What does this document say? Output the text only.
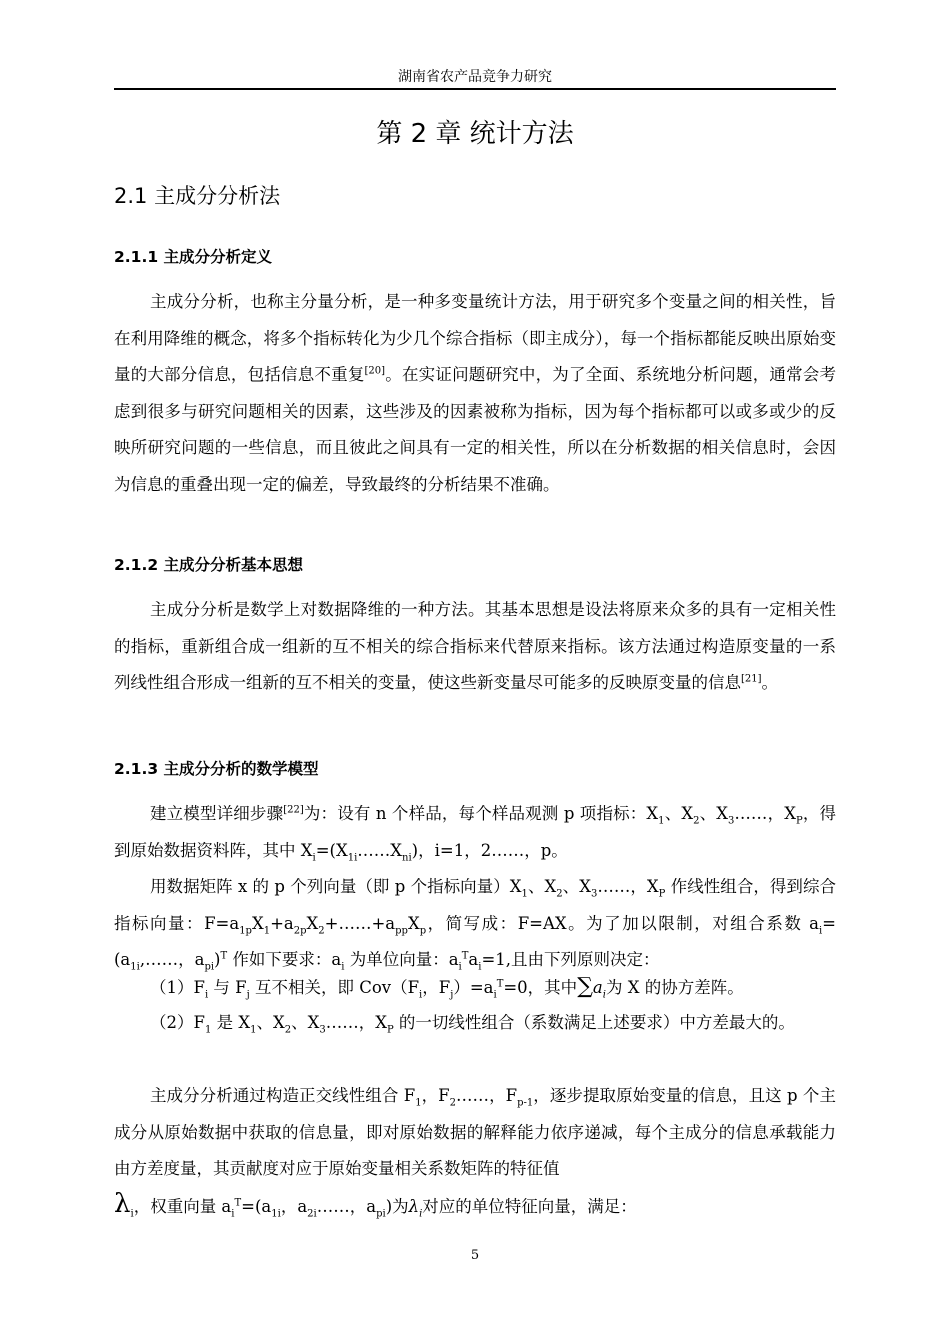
湖南省农产品竞争力研究
第 2 章 统计方法
2.1 主成分分析法
2.1.1 主成分分析定义

主成分分析，也称主分量分析，是一种多变量统计方法，用于研究多个变量之间的相关性，旨在利用降维的概念，将多个指标转化为少几个综合指标（即主成分），每一个指标都能反映出原始变量的大部分信息，包括信息不重复[20]。在实证问题研究中，为了全面、系统地分析问题，通常会考虑到很多与研究问题相关的因素，这些涉及的因素被称为指标，因为每个指标都可以或多或少的反映所研究问题的一些信息，而且彼此之间具有一定的相关性，所以在分析数据的相关信息时，会因为信息的重叠出现一定的偏差，导致最终的分析结果不准确。

2.1.2 主成分分析基本思想

主成分分析是数学上对数据降维的一种方法。其基本思想是设法将原来众多的具有一定相关性的指标，重新组合成一组新的互不相关的综合指标来代替原来指标。该方法通过构造原变量的一系列线性组合形成一组新的互不相关的变量，使这些新变量尽可能多的反映原变量的信息[21]。

2.1.3 主成分分析的数学模型

建立模型详细步骤[22]为：设有 n 个样品，每个样品观测 p 项指标：$X_1$、$X_2$、$X_3\dots\dots$，$X_P$，得到原始数据资料阵，其中 $X_i=(X_{1i}\dots\dots X_{ni})$，i=1，2……，p。

用数据矩阵 x 的 p 个列向量（即 p 个指标向量）$X_1$、$X_2$、$X_3\dots\dots$，$X_P$ 作线性组合，得到综合指标向量：$F=a_{1p}X_1+a_{2p}X_2+\dots\dots+a_{pp}X_p$，简写成：F=AX。为了加以限制，对组合系数 $a_i=(a_{1i},\dots\dots$，$a_{pi})^T$ 作如下要求：$a_i$ 为单位向量：$a_i^Ta_i=1$,且由下列原则决定：

$(1)F_i$ 与 $F_j$ 互不相关，即 $Cov(F_i$，$F_j)=a_i^T=0$，其中$\sum a_i$为 X 的协方差阵。

$(2)F_1$ 是 $X_1$、$X_2$、$X_3\dots\dots$，$X_P$ 的一切线性组合（系数满足上述要求）中方差最大的。

主成分分析通过构造正交线性组合 $F_1$，$F_2\dots\dots$，$F_{p-1}$，逐步提取原始变量的信息，且这 p 个主成分从原始数据中获取的信息量，即对原始数据的解释能力依序递减，每个主成分的信息承载能力由方差度量，其贡献度对应于原始变量相关系数矩阵的特征值

$\lambda_i$，权重向量 $a_i^T=(a_{1i}$，$a_{2i}\dots\dots$，$a_{pi}$)为$\lambda_i$对应的单位特征向量，满足：

5
